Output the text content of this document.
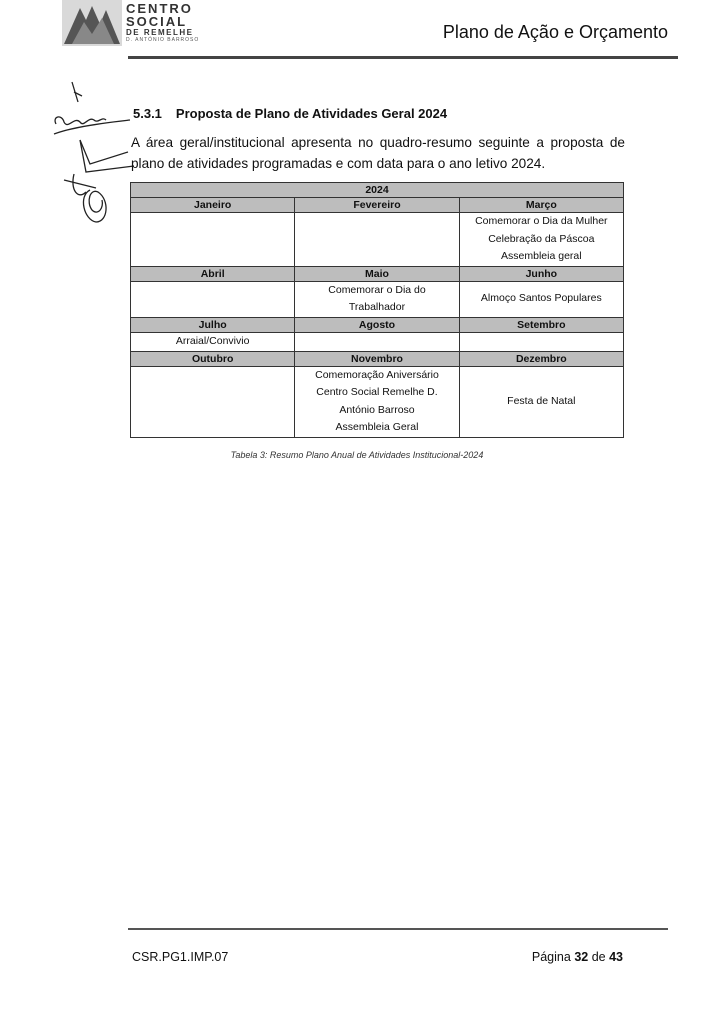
CENTRO
SOCIAL
DE REMELHE
D. ANTÓNIO BARROSO	Plano de Ação e Orçamento
5.3.1 Proposta de Plano de Atividades Geral 2024
A área geral/institucional apresenta no quadro-resumo seguinte a proposta de plano de atividades programadas e com data para o ano letivo 2024.
2024		
Janeiro	Fevereiro	Março

		Comemorar o Dia da Mulher
Celebração da Páscoa
Assembleia geral

Abril	Maio	Junho

	Comemorar o Dia do
Trabalhador	Almoço Santos Populares

Julho	Agosto	Setembro

Arraial/Convivio		

Outubro	Novembro	Dezembro

	Comemoração Aniversário
Centro Social Remelhe D.
António Barroso
Assembleia Geral	Festa de Natal
Tabela 3: Resumo Plano Anual de Atividades Institucional-2024
CSR.PG1.IMP.07	Página 32 de 43
